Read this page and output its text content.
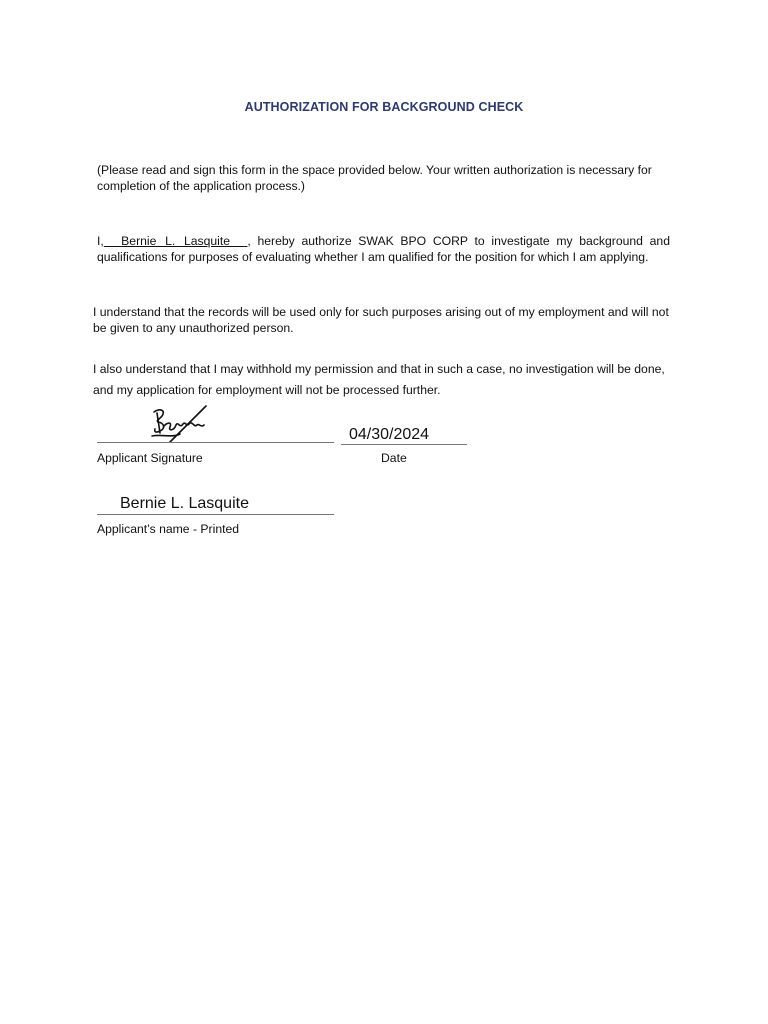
AUTHORIZATION FOR BACKGROUND CHECK
(Please read and sign this form in the space provided below. Your written authorization is necessary for completion of the application process.)
I, Bernie L. Lasquite , hereby authorize SWAK BPO CORP to investigate my background and qualifications for purposes of evaluating whether I am qualified for the position for which I am applying.
I understand that the records will be used only for such purposes arising out of my employment and will not be given to any unauthorized person.
I also understand that I may withhold my permission and that in such a case, no investigation will be done, and my application for employment will not be processed further.
04/30/2024
Applicant Signature	Date
Bernie L. Lasquite
Applicant’s name - Printed
